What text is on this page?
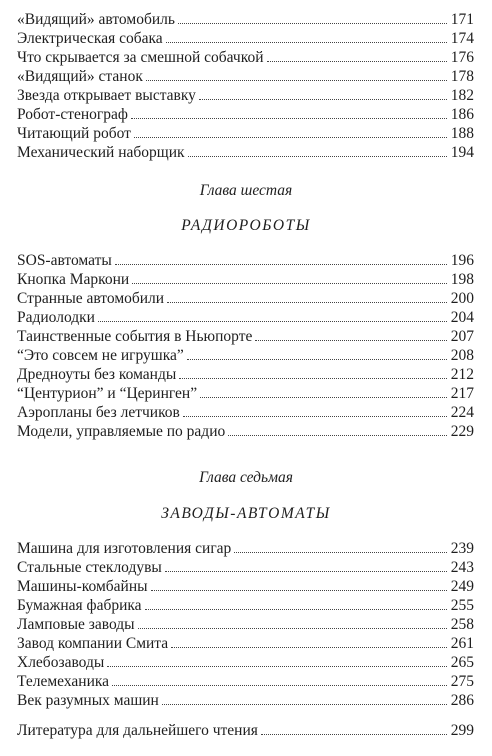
«Видящий» автомобиль	171
Электрическая собака	174
Что скрывается за смешной собачкой	176
«Видящий» станок	178
Звезда открывает выставку	182
Робот-стенограф	186
Читающий робот	188
Механический наборщик	194
Глава шестая
РАДИОРОБОТЫ
SOS-автоматы	196
Кнопка Маркони	198
Странные автомобили	200
Радиолодки	204
Таинственные события в Ньюпорте	207
“Это совсем не игрушка”	208
Дредноуты без команды	212
“Центурион” и “Церинген”	217
Аэропланы без летчиков	224
Модели, управляемые по радио	229
Глава седьмая
ЗАВОДЫ-АВТОМАТЫ
Машина для изготовления сигар	239
Стальные стеклодувы	243
Машины-комбайны	249
Бумажная фабрика	255
Ламповые заводы	258
Завод компании Смита	261
Хлебозаводы	265
Телемеханика	275
Век разумных машин	286
Литература для дальнейшего чтения	299
